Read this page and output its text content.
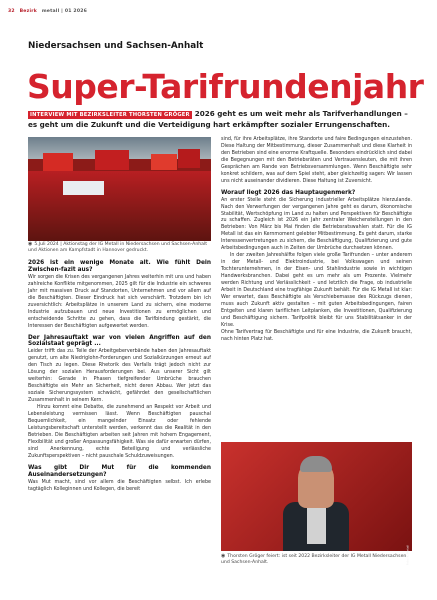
32 Bezirk metall | 01 2026
Niedersachsen und Sachsen-Anhalt
Super-Tarifrundenjahr
INTERVIEW MIT BEZIRKSLEITER THORSTEN GRÖGER 2026 geht es um weit mehr als Tarifverhandlungen – es geht um die Zukunft und die Verteidigung hart erkämpfter sozialer Errungenschaften.
◉ 5.Juli 2024 | Aktionstag der IG Metall in Niedersachsen und Sachsen-Anhalt und Aktionen am Kampfstadt in Hannover gedruckt.
2026 ist ein wenige Monate alt. Wie fühlt Dein Zwischen-fazit aus?

Wir sorgen die Krisen des vergangenen Jahres weiterhin mit uns und haben zahlreiche Konflikte mitgenommen, 2025 gilt für die Industrie ein schweres Jahr mit massiven Druck auf Standorten, Unternehmen und vor allem auf die Beschäftigten. Dieser Eindruck hat sich verschärft. Trotzdem bin ich zuversichtlich: Arbeitsplätze in unserem Land zu sichern, eine moderne Industrie aufzubauen und neue Investitionen zu ermöglichen und entscheidende Schritte zu gehen, dass die Tarifbindung gestärkt, die Interessen der Beschäftigten aufgewertet werden.

Der Jahresauftakt war von vielen Angriffen auf den Sozialstaat geprägt ...

Leider trifft das zu. Teile der Arbeitgeberverbände haben den Jahresauftakt genutzt, um alte Niedriglohn-Forderungen und Sozialkürzungen erneut auf den Tisch zu legen. Diese Rhetorik des Verfalls trägt jedoch nicht zur Lösung der sozialen Herausforderungen bei. Aus unserer Sicht gilt weiterhin: Gerade in Phasen tiefgreifender Umbrüche brauchen Beschäftigte ein Mehr an Sicherheit, nicht deren Abbau. Wer jetzt das soziale Sicherungssystem schwächt, gefährdet den gesellschaftlichen Zusammenhalt in seinem Kern.

Hinzu kommt eine Debatte, die zunehmend an Respekt vor Arbeit und Lebensleistung vermissen lässt. Wenn Beschäftigten pauschal Bequemlichkeit, ein mangelnder Einsatz oder fehlende Leistungsbereitschaft unterstellt werden, verkennt das die Realität in den Betrieben. Die Beschäftigten arbeiten seit Jahren mit hohem Engagement, Flexibilität und großer Anpassungsfähigkeit. Was sie dafür erwarten dürfen, sind Anerkennung, echte Beteiligung und verlässliche Zukunftsperspektiven – nicht pauschale Schuldzuweisungen.

Was gibt Dir Mut für die kommenden Auseinandersetzungen?

Was Mut macht, sind vor allem die Beschäftigten selbst. Ich erlebe tagtäglich Kolleginnen und Kollegen, die bereit

sind, für ihre Arbeitsplätze, ihre Standorte und faire Bedingungen einzustehen. Diese Haltung der Mitbestimmung, dieser Zusammenhalt und diese Klarheit in den Betrieben sind eine enorme Kraftquelle. Besonders eindrücklich sind dabei die Begegnungen mit den Betriebsräten und Vertrauensleuten, die mit ihren Gesprächen am Rande von Betriebsversammlungen. Wenn Beschäftigte sehr konkret schildern, was auf dem Spiel steht, aber gleichzeitig sagen: Wir lassen uns nicht auseinander dividieren. Diese Haltung ist Zuversicht.

Worauf liegt 2026 das Hauptaugenmerk?

An erster Stelle steht die Sicherung industrieller Arbeitsplätze hierzulande. Nach den Verwerfungen der vergangenen Jahre geht es darum, ökonomische Stabilität, Wertschöpfung im Land zu halten und Perspektiven für Beschäftigte zu schaffen. Zugleich ist 2026 ein Jahr zentraler Weichenstellungen in den Betrieben: Von März bis Mai finden die Betriebsratswahlen statt. Für die IG Metall ist das ein Kernmoment gelebter Mitbestimmung. Es geht darum, starke Interessenvertretungen zu sichern, die Beschäftigung, Qualifizierung und gute Arbeitsbedingungen auch in Zeiten der Umbrüche durchsetzen können.

In der zweiten Jahreshälfte folgen viele große Tarifrunden – unter anderem in der Metall- und Elektroindustrie, bei Volkswagen und seinen Tochterunternehmen, in der Eisen- und Stahlindustrie sowie in wichtigen Handwerksbranchen. Dabei geht es um mehr als um Prozente. Vielmehr werden Richtung und Verlässlichkeit – und letztlich die Frage, ob industrielle Arbeit in Deutschland eine tragfähige Zukunft behält. Für die IG Metall ist klar: Wer erwartet, dass Beschäftigte als Verschiebemasse des Rückzugs dienen, muss auch Zukunft aktiv gestalten – mit guten Arbeitsbedingungen, fairen Entgelten und klaren tariflichen Leitplanken, die Investitionen, Qualifizierung und Beschäftigung sichern. Tarifpolitik bleibt für uns Stabilitätsanker in der Krise.

Ohne Tarifvertrag für Beschäftigte und für eine Industrie, die Zukunft braucht, nach hinten Platz hat.

Foto: IG Metall
◉ Thorsten Gröger feiert: ist seit 2022 Bezirksleiter der IG Metall Niedersachsen und Sachsen-Anhalt.
